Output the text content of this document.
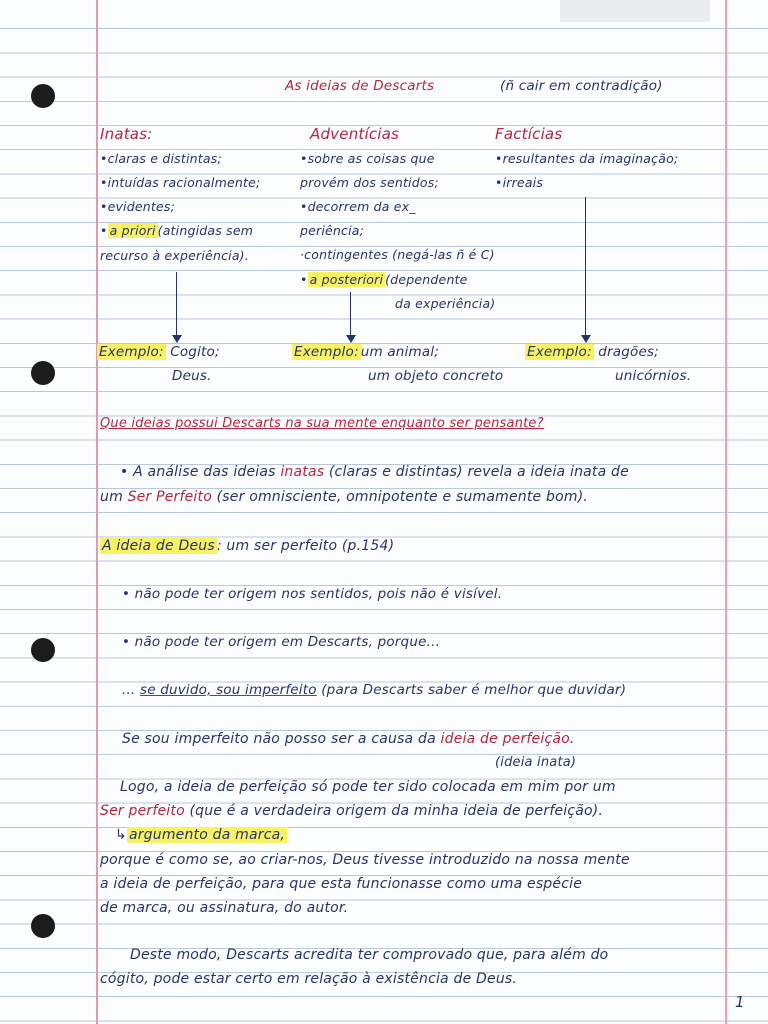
As ideias de Descarts	(ñ cair em contradição)
Inatas:
•claras e distintas;
•intuídas racionalmente;
•evidentes;
• a priori (atingidas sem
recurso à experiência).
Exemplo: Cogito;
Deus.
Adventícias
•sobre as coisas que
provém dos sentidos;
•decorrem da ex_
periência;
·contingentes (negá-las ñ é C)
• a posteriori (dependente
da experiência)
Exemplo: um animal;
um objeto concreto
Factícias
•resultantes da imaginação;
•irreais
Exemplo: dragões;
unicórnios.
Que ideias possui Descarts na sua mente enquanto ser pensante?
• A análise das ideias inatas (claras e distintas) revela a ideia inata de
um Ser Perfeito (ser omnisciente, omnipotente e sumamente bom).
A ideia de Deus : um ser perfeito (p.154)
• não pode ter origem nos sentidos, pois não é visível.
• não pode ter origem em Descarts, porque...
... se duvido, sou imperfeito (para Descarts saber é melhor que duvidar)
Se sou imperfeito não posso ser a causa da ideia de perfeição.
(ideia inata)
Logo, a ideia de perfeição só pode ter sido colocada em mim por um
Ser perfeito (que é a verdadeira origem da minha ideia de perfeição).
↳ argumento da marca,
porque é como se, ao criar-nos, Deus tivesse introduzido na nossa mente
a ideia de perfeição, para que esta funcionasse como uma espécie
de marca, ou assinatura, do autor.
Deste modo, Descarts acredita ter comprovado que, para além do
cógito, pode estar certo em relação à existência de Deus.
1
